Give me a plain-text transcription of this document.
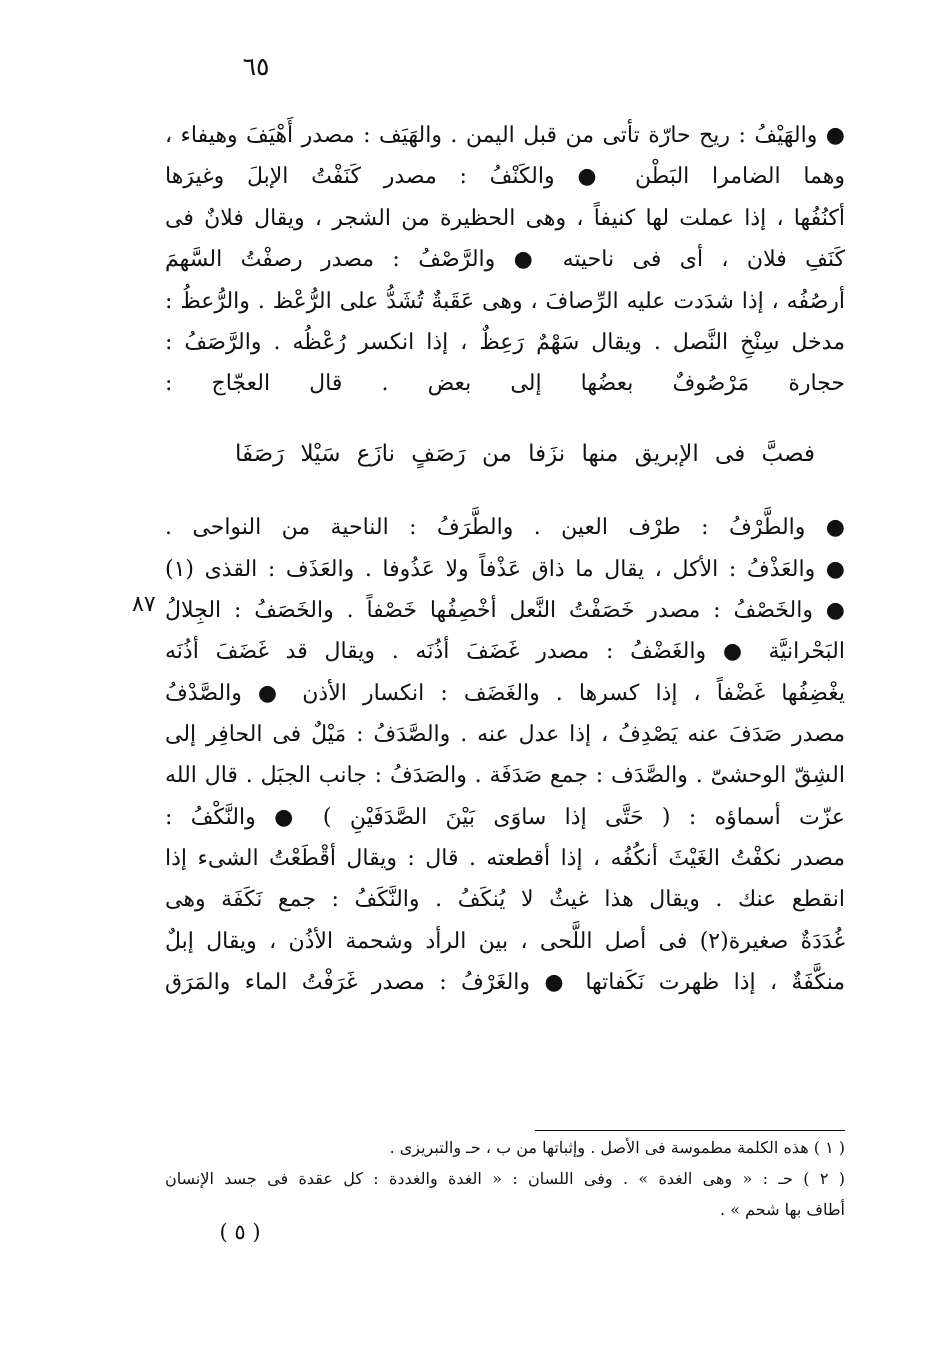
٦٥
● والهَيْفُ : ريح حارّة تأتى من قبل اليمن . والهَيَف : مصدر أَهْيَفَ وهيفاء ،
وهما الضامرا البَطْن ● والكَنْفُ : مصدر كَنَفْتُ الإبلَ وغيرَها
أكنُفُها ، إذا عملت لها كنيفاً ، وهى الحظيرة من الشجر ، ويقال فلانٌ فى
كَنَفِ فلان ، أى فى ناحيته ● والرَّصْفُ : مصدر رصفْتُ السَّهمَ
أرصُفُه ، إذا شدَدت عليه الرِّصافَ ، وهى عَقَبةٌ تُشَدُّ على الرُّعْظ . والرُّعظُ :
مدخل سِنْخِ النَّصل . ويقال سَهْمٌ رَعِظٌ ، إذا انكسر رُعْظُه . والرَّصَفُ :
حجارة مَرْصُوفٌ بعضُها إلى بعض . قال العجّاج :
فصبَّ فى الإبريق منها نزَفا من رَصَفٍ نازَع سَيْلا رَصَفَا
● والطَّرْفُ : طرْف العين . والطَّرَفُ : الناحية من النواحى .
● والعَذْفُ : الأكل ، يقال ما ذاق عَذْفاً ولا عَذُوفا . والعَذَف : القذى (١)
● والخَصْفُ : مصدر خَصَفْتُ النَّعل أخْصِفُها خَصْفاً . والخَصَفُ : الجِلالُ
البَحْرانيَّة ● والغَضْفُ : مصدر غَضَفَ أذُنَه . ويقال قد غَضَفَ أذُنَه
يغْضِفُها غَضْفاً ، إذا كسرها . والغَضَف : انكسار الأذن ● والصَّدْفُ
مصدر صَدَفَ عنه يَصْدِفُ ، إذا عدل عنه . والصَّدَفُ : مَيْلٌ فى الحافِر إلى
الشِقّ الوحشىّ . والصَّدَف : جمع صَدَفَة . والصَدَفُ : جانب الجبَل . قال الله
عزّت أسماؤه : ( حَتَّى إذا ساوَى بَيْنَ الصَّدَفَيْنِ ) ● والنَّكْفُ :
مصدر نكفْتُ الغَيْثَ أنكُفُه ، إذا أقطعته . قال : ويقال أقْطَعْتُ الشىء إذا
انقطع عنك . ويقال هذا غيثٌ لا يُنكَفُ . والنَّكَفُ : جمع نَكَفَة وهى
غُدَدَةٌ صغيرة(٢) فى أصل اللَّحى ، بين الرأد وشحمة الأذُن ، ويقال إبلٌ
منكَّفَةٌ ، إذا ظهرت نَكَفاتها ● والغَرْفُ : مصدر غَرَفْتُ الماء والمَرَق
٨٧
( ١ ) هذه الكلمة مطموسة فى الأصل . وإثباتها من ب ، حـ والتبريزى .
( ٢ ) حـ : « وهى الغدة » . وفى اللسان : « الغدة والغددة : كل عقدة فى جسد الإنسان
أطاف بها شحم » .
( ٥ )
